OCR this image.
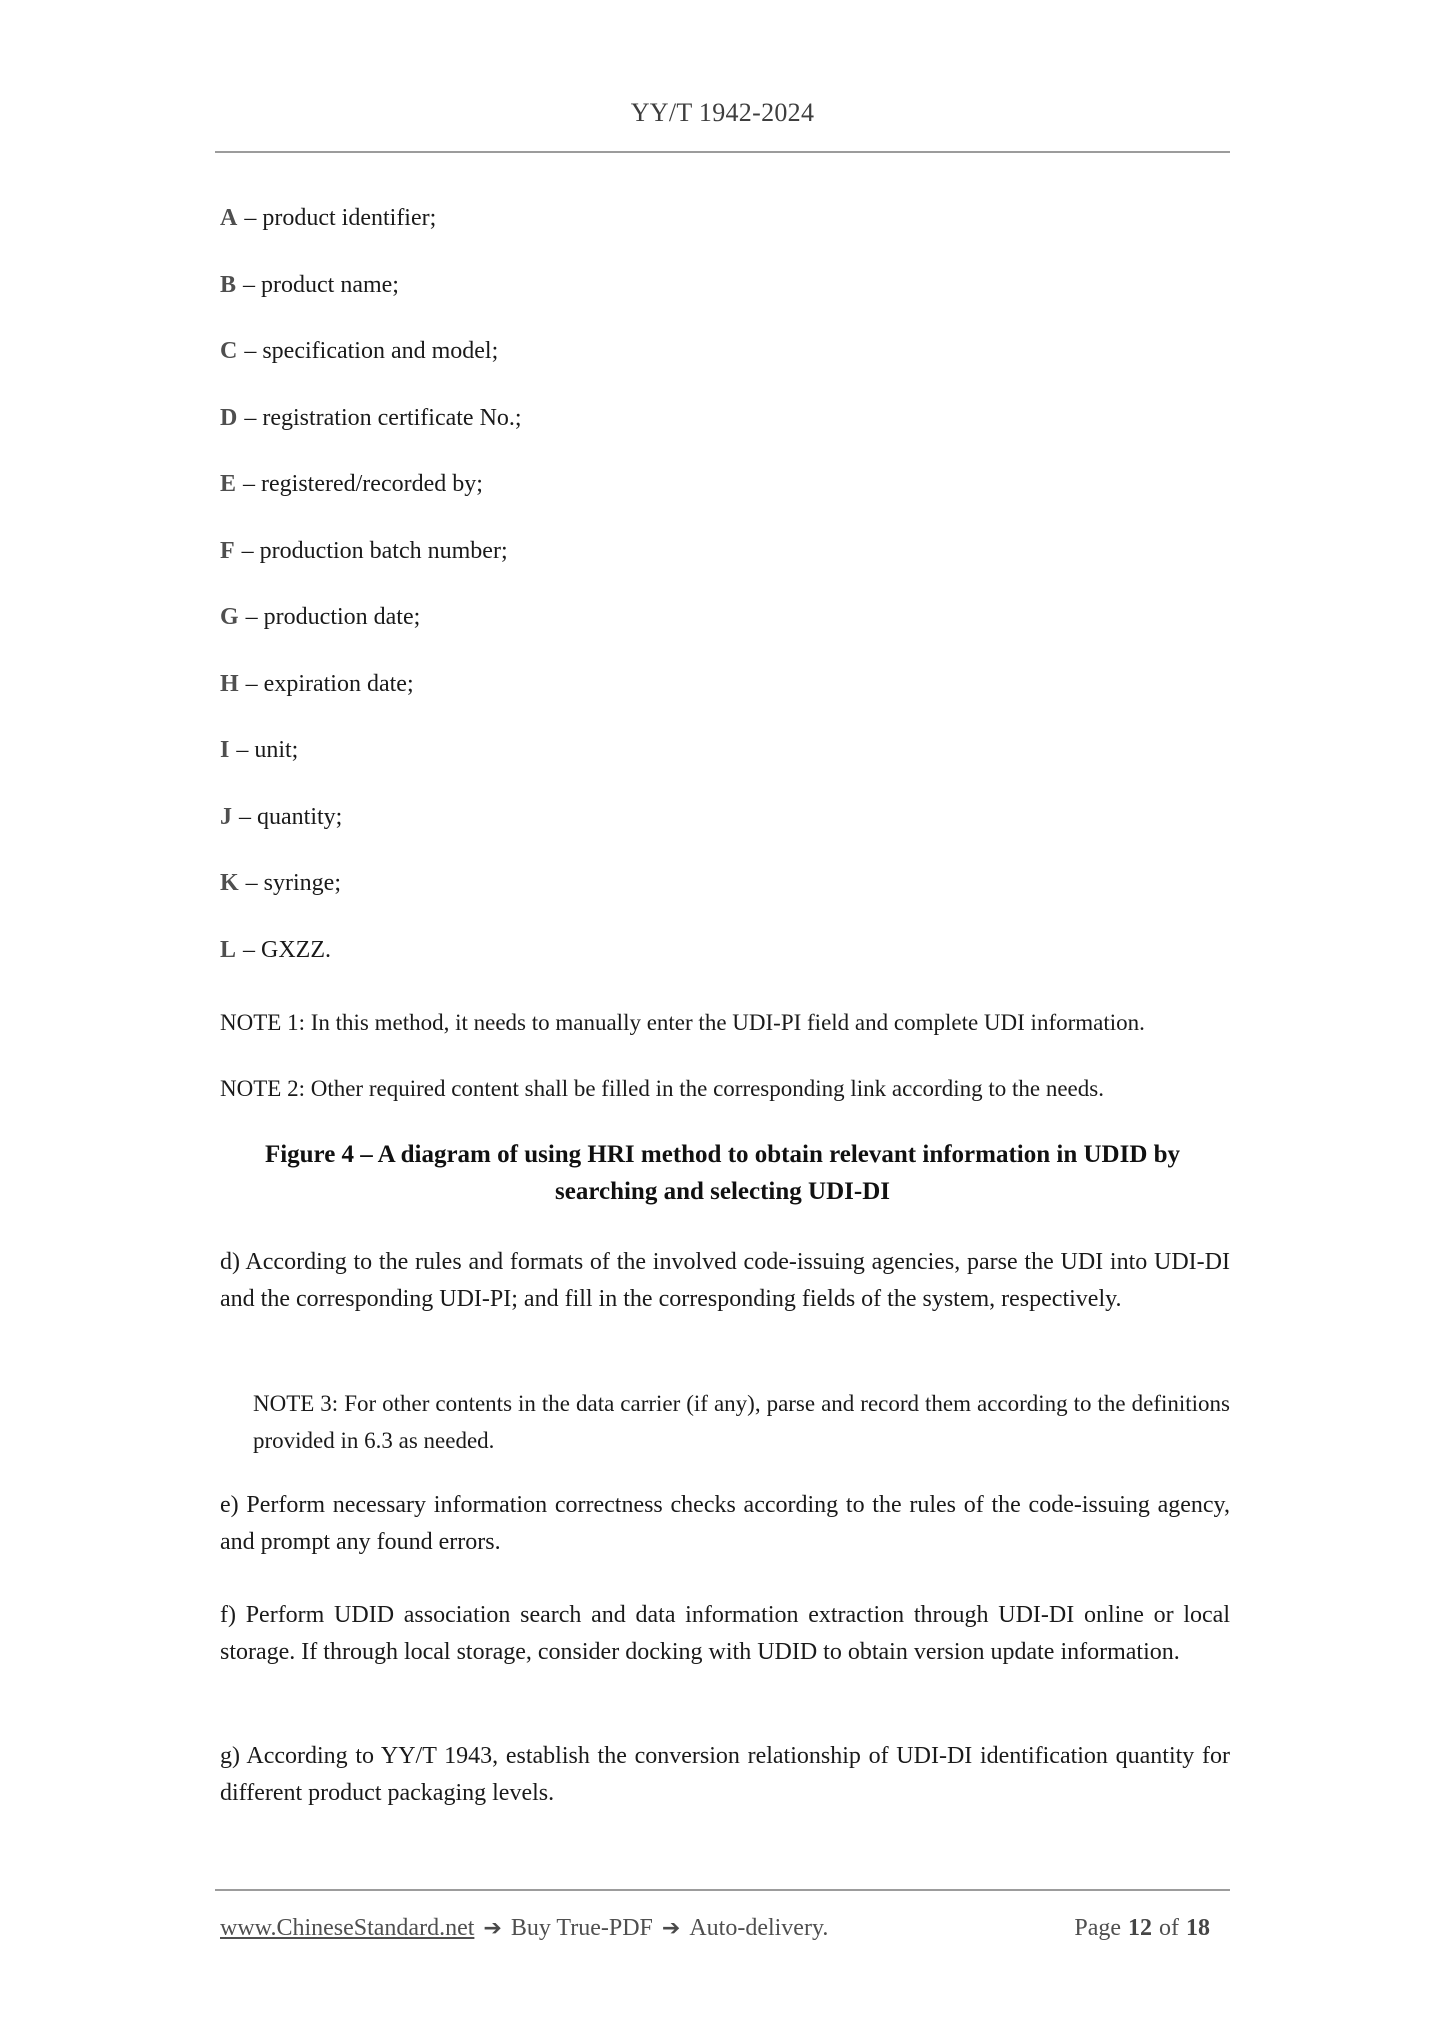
YY/T 1942-2024
A – product identifier;
B – product name;
C – specification and model;
D – registration certificate No.;
E – registered/recorded by;
F – production batch number;
G – production date;
H – expiration date;
I – unit;
J – quantity;
K – syringe;
L – GXZZ.
NOTE 1: In this method, it needs to manually enter the UDI-PI field and complete UDI information.
NOTE 2: Other required content shall be filled in the corresponding link according to the needs.
Figure 4 – A diagram of using HRI method to obtain relevant information in UDID by
searching and selecting UDI-DI
d) According to the rules and formats of the involved code-issuing agencies, parse the UDI into UDI-DI and the corresponding UDI-PI; and fill in the corresponding fields of the system, respectively.
NOTE 3: For other contents in the data carrier (if any), parse and record them according to the definitions provided in 6.3 as needed.
e) Perform necessary information correctness checks according to the rules of the code-issuing agency, and prompt any found errors.
f) Perform UDID association search and data information extraction through UDI-DI online or local storage. If through local storage, consider docking with UDID to obtain version update information.
g) According to YY/T 1943, establish the conversion relationship of UDI-DI identification quantity for different product packaging levels.
www.ChineseStandard.net ➔ Buy True-PDF ➔ Auto-delivery.	Page 12 of 18
